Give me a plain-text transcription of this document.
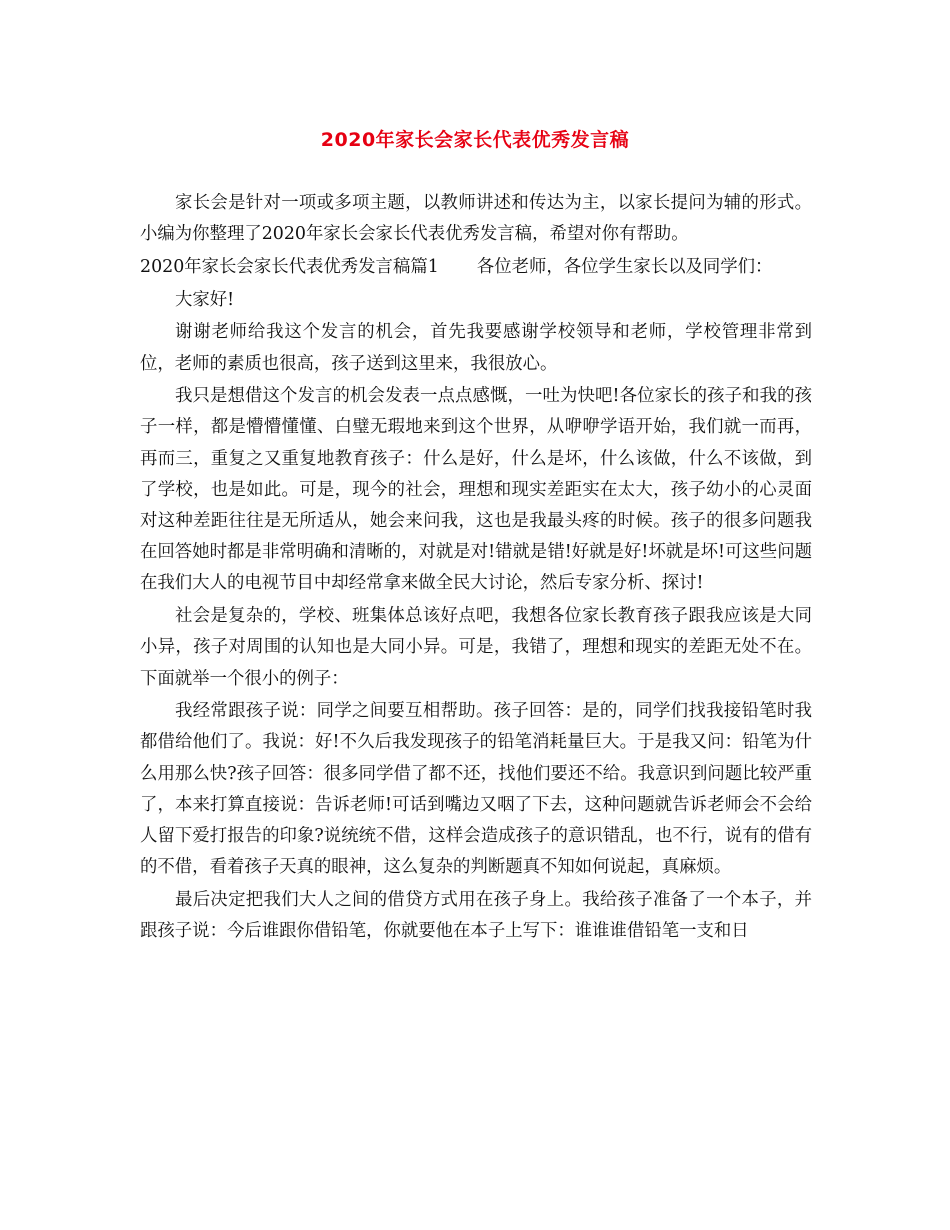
2020年家长会家长代表优秀发言稿

家长会是针对一项或多项主题，以教师讲述和传达为主，以家长提问为辅的形式。小编为你整理了2020年家长会家长代表优秀发言稿，希望对你有帮助。

2020年家长会家长代表优秀发言稿篇1 各位老师，各位学生家长以及同学们：

大家好!

谢谢老师给我这个发言的机会，首先我要感谢学校领导和老师，学校管理非常到位，老师的素质也很高，孩子送到这里来，我很放心。

我只是想借这个发言的机会发表一点点感慨，一吐为快吧!各位家长的孩子和我的孩子一样，都是懵懵懂懂、白璧无瑕地来到这个世界，从咿咿学语开始，我们就一而再，再而三，重复之又重复地教育孩子：什么是好，什么是坏，什么该做，什么不该做，到了学校，也是如此。可是，现今的社会，理想和现实差距实在太大，孩子幼小的心灵面对这种差距往往是无所适从，她会来问我，这也是我最头疼的时候。孩子的很多问题我在回答她时都是非常明确和清晰的，对就是对!错就是错!好就是好!坏就是坏!可这些问题在我们大人的电视节目中却经常拿来做全民大讨论，然后专家分析、探讨!

社会是复杂的，学校、班集体总该好点吧，我想各位家长教育孩子跟我应该是大同小异，孩子对周围的认知也是大同小异。可是，我错了，理想和现实的差距无处不在。 下面就举一个很小的例子：

我经常跟孩子说：同学之间要互相帮助。孩子回答：是的，同学们找我接铅笔时我都借给他们了。我说：好!不久后我发现孩子的铅笔消耗量巨大。于是我又问：铅笔为什么用那么快?孩子回答：很多同学借了都不还，找他们要还不给。我意识到问题比较严重了，本来打算直接说：告诉老师!可话到嘴边又咽了下去，这种问题就告诉老师会不会给人留下爱打报告的印象?说统统不借，这样会造成孩子的意识错乱，也不行，说有的借有的不借，看着孩子天真的眼神，这么复杂的判断题真不知如何说起，真麻烦。

最后决定把我们大人之间的借贷方式用在孩子身上。我给孩子准备了一个本子，并跟孩子说：今后谁跟你借铅笔，你就要他在本子上写下：谁谁谁借铅笔一支和日
